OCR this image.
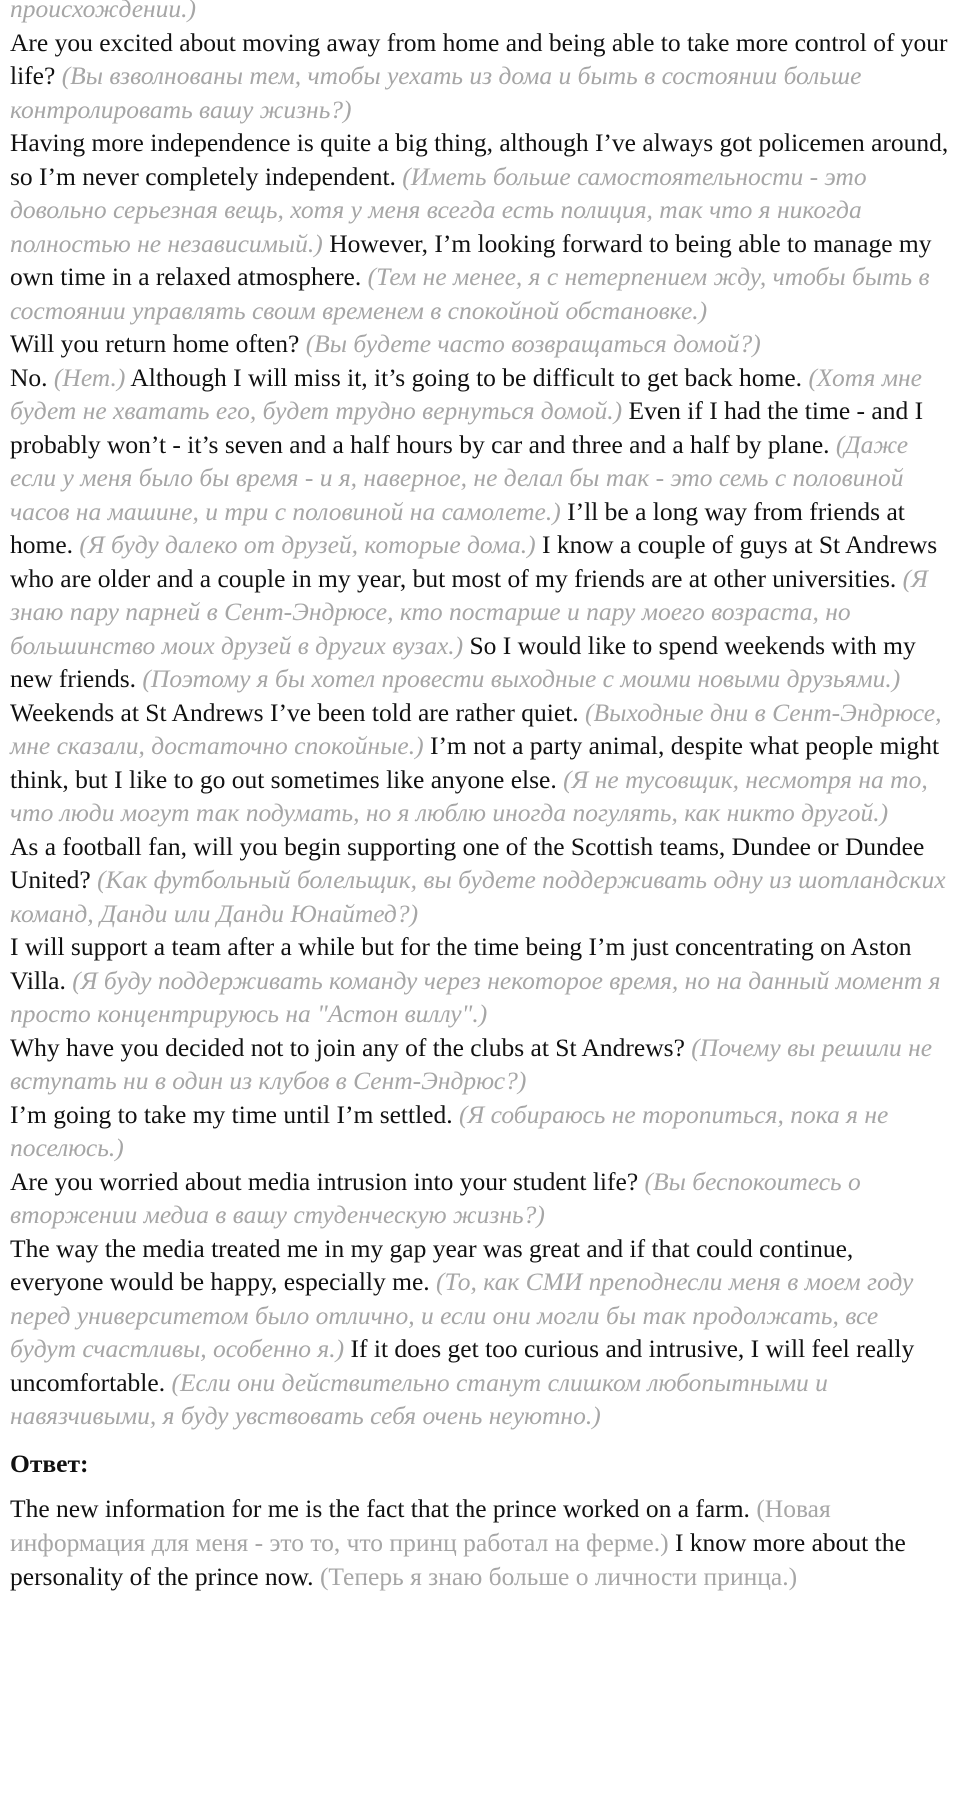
происхождении.)

Are you excited about moving away from home and being able to take more control of your life? (Вы взволнованы тем, чтобы уехать из дома и быть в состоянии больше контролировать вашу жизнь?)

Having more independence is quite a big thing, although I’ve always got policemen around, so I’m never completely independent. (Иметь больше самостоятельности - это довольно серьезная вещь, хотя у меня всегда есть полиция, так что я никогда полностью не независимый.) However, I’m looking forward to being able to manage my own time in a relaxed atmosphere. (Тем не менее, я с нетерпением жду, чтобы быть в состоянии управлять своим временем в спокойной обстановке.)

Will you return home often? (Вы будете часто возвращаться домой?)

No. (Нет.) Although I will miss it, it’s going to be difficult to get back home. (Хотя мне будет не хватать его, будет трудно вернуться домой.) Even if I had the time - and I probably won’t - it’s seven and a half hours by car and three and a half by plane. (Даже если у меня было бы время - и я, наверное, не делал бы так - это семь с половиной часов на машине, и три с половиной на самолете.) I’ll be a long way from friends at home. (Я буду далеко от друзей, которые дома.) I know a couple of guys at St Andrews who are older and a couple in my year, but most of my friends are at other universities. (Я знаю пару парней в Сент-Эндрюсе, кто постарше и пару моего возраста, но большинство моих друзей в других вузах.) So I would like to spend weekends with my new friends. (Поэтому я бы хотел провести выходные с моими новыми друзьями.) Weekends at St Andrews I’ve been told are rather quiet. (Выходные дни в Сент-Эндрюсе, мне сказали, достаточно спокойные.) I’m not a party animal, despite what people might think, but I like to go out sometimes like anyone else. (Я не тусовщик, несмотря на то, что люди могут так подумать, но я люблю иногда погулять, как никто другой.)

As a football fan, will you begin supporting one of the Scottish teams, Dundee or Dundee United? (Как футбольный болельщик, вы будете поддерживать одну из шотландских команд, Данди или Данди Юнайтед?)

I will support a team after a while but for the time being I’m just concentrating on Aston Villa. (Я буду поддерживать команду через некоторое время, но на данный момент я просто концентрируюсь на "Астон виллу".)

Why have you decided not to join any of the clubs at St Andrews? (Почему вы решили не вступать ни в один из клубов в Сент-Эндрюс?)

I’m going to take my time until I’m settled. (Я собираюсь не торопиться, пока я не поселюсь.)

Are you worried about media intrusion into your student life? (Вы беспокоитесь о вторжении медиа в вашу студенческую жизнь?)

The way the media treated me in my gap year was great and if that could continue, everyone would be happy, especially me. (То, как СМИ преподнесли меня в моем году перед университетом было отлично, и если они могли бы так продолжать, все будут счастливы, особенно я.) If it does get too curious and intrusive, I will feel really uncomfortable. (Если они действительно станут слишком любопытными и навязчивыми, я буду увствовать себя очень неуютно.)

Ответ:

The new information for me is the fact that the prince worked on a farm. (Новая информация для меня - это то, что принц работал на ферме.) I know more about the personality of the prince now. (Теперь я знаю больше о личности принца.)
